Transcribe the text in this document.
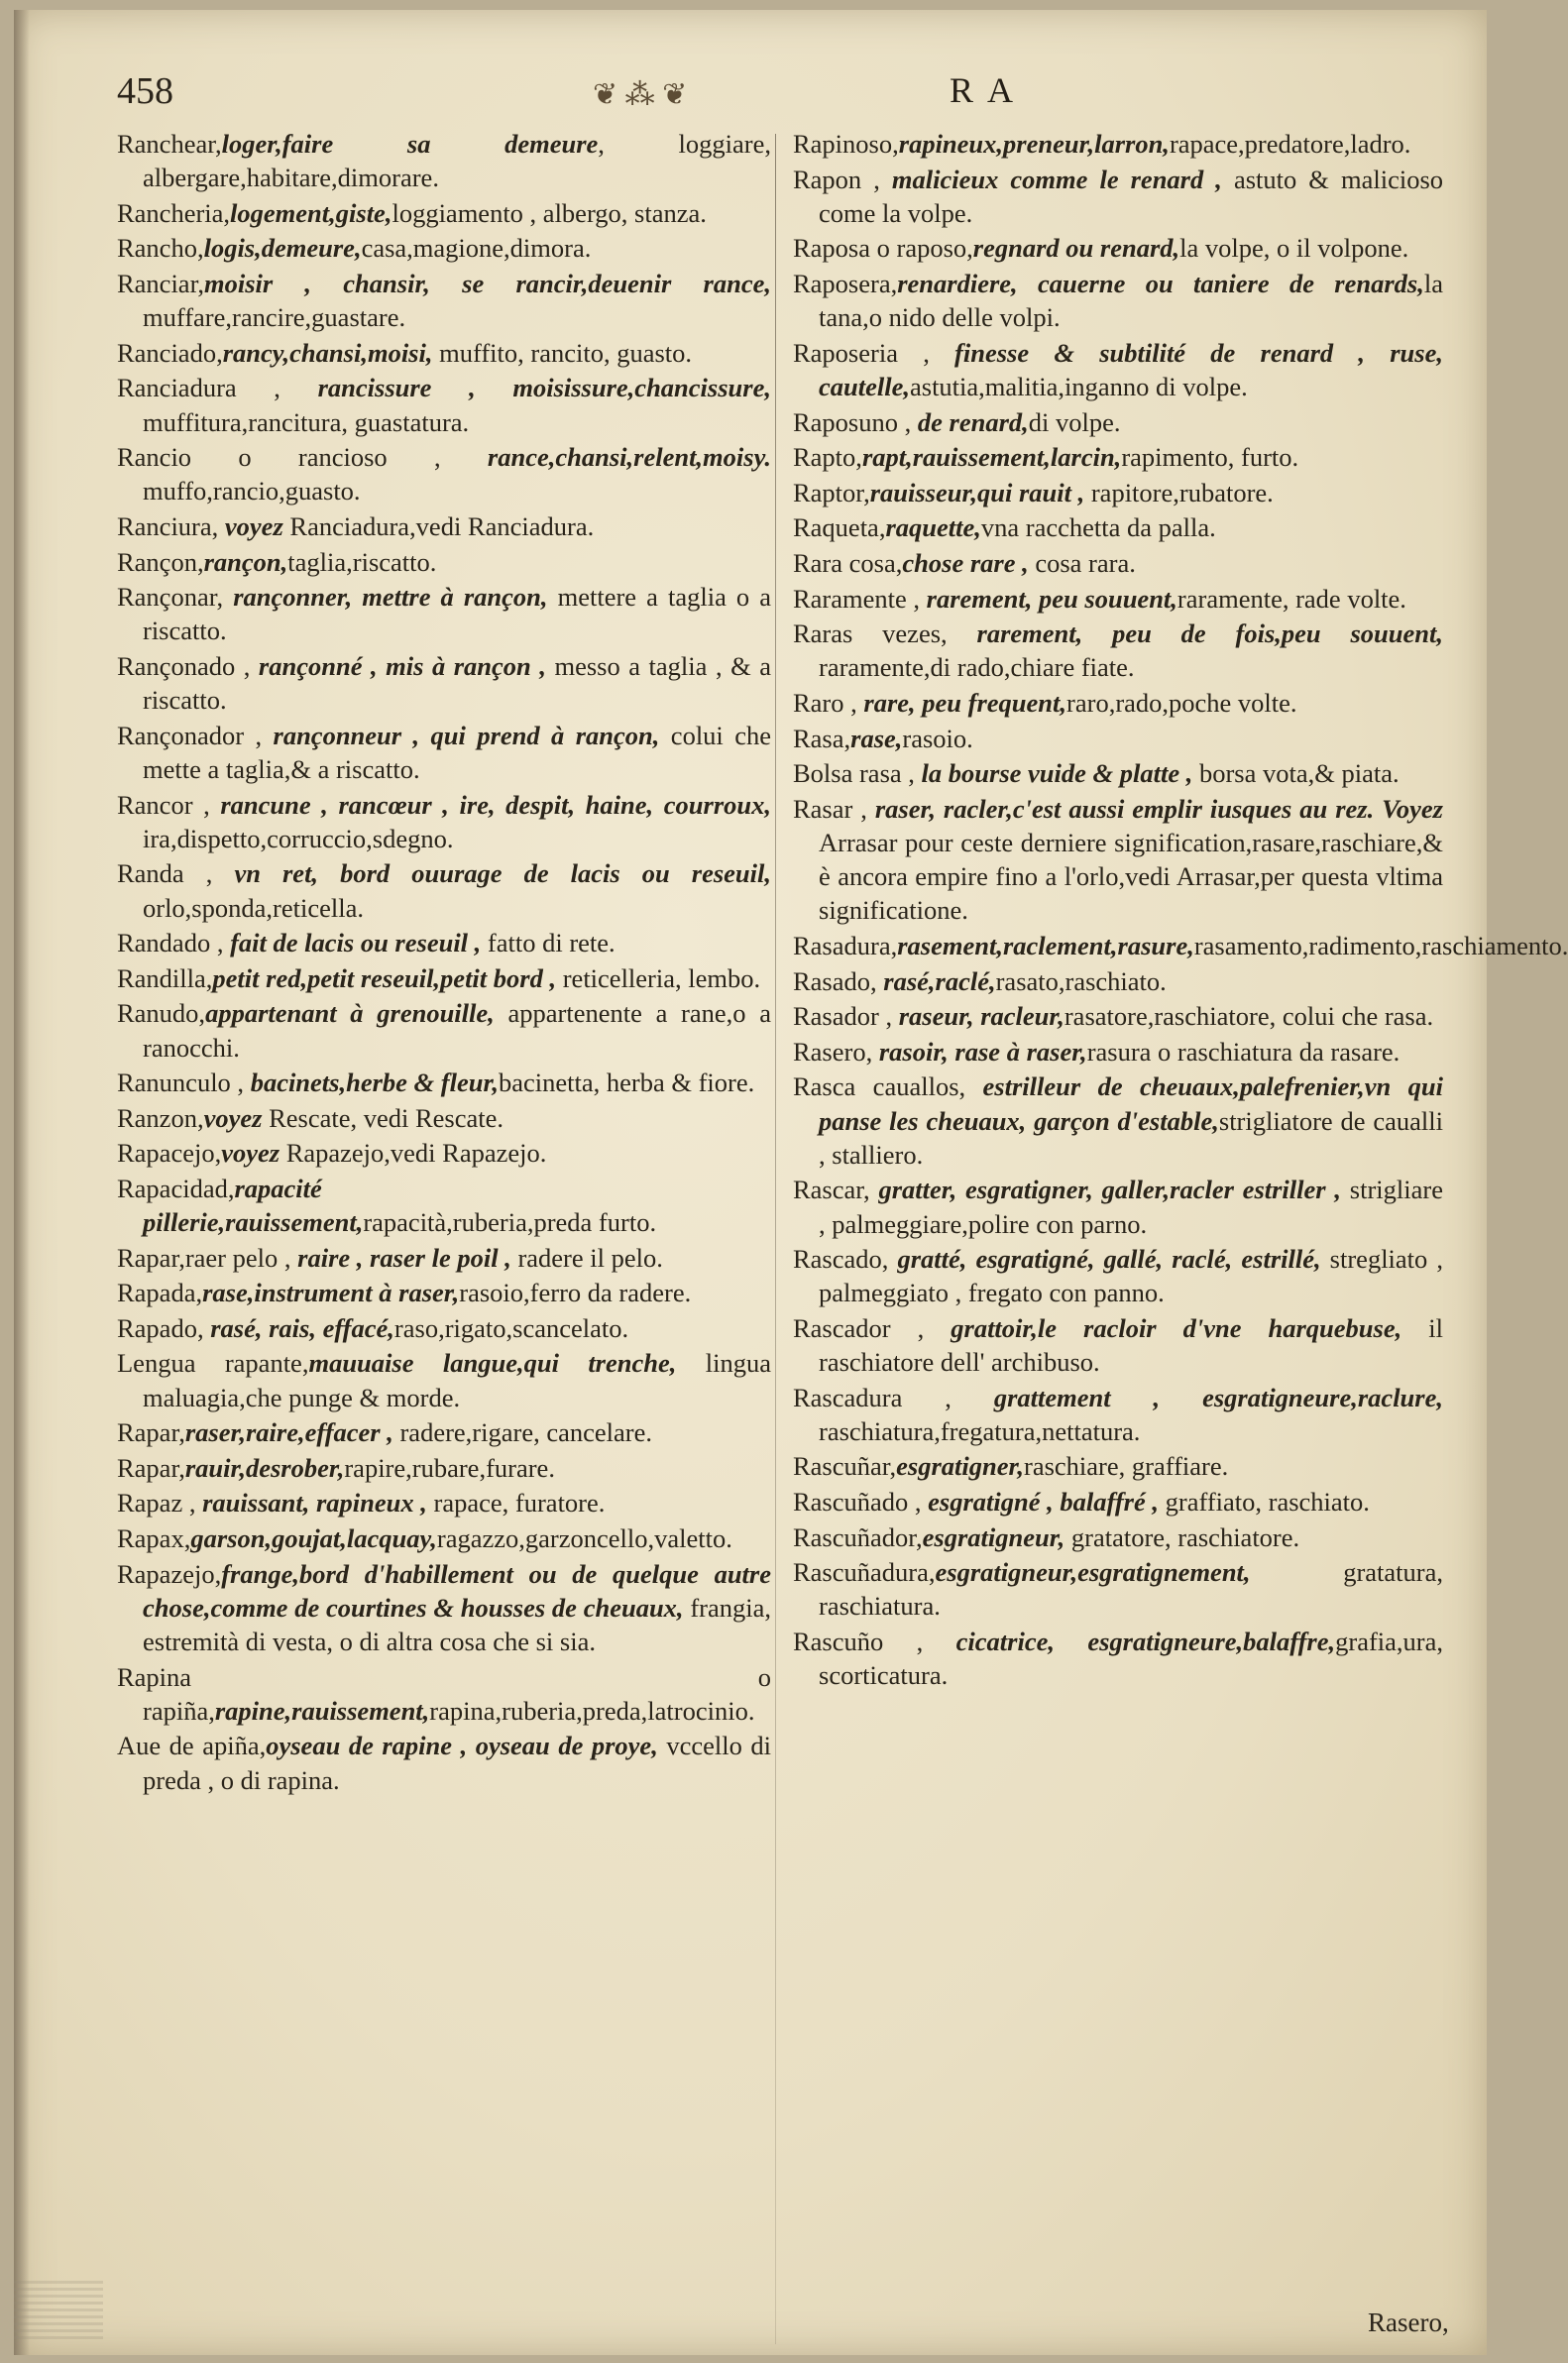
458	❦ ⁂ ❦	RA

Ranchear,loger,faire sa demeure, loggiare, albergare,habitare,dimorare.

Rancheria,logement,giste,loggiamento , albergo, stanza.

Rancho,logis,demeure,casa,magione,dimora.

Ranciar,moisir , chansir, se rancir,deuenir rance, muffare,rancire,guastare.

Ranciado,rancy,chansi,moisi, muffito, rancito, guasto.

Ranciadura , rancissure , moisissure,chancissure, muffitura,rancitura, guastatura.

Rancio o rancioso , rance,chansi,relent,moisy. muffo,rancio,guasto.

Ranciura, voyez Ranciadura,vedi Ranciadura.

Rançon,rançon,taglia,riscatto.

Rançonar, rançonner, mettre à rançon, mettere a taglia o a riscatto.

Rançonado , rançonné , mis à rançon , messo a taglia , & a riscatto.

Rançonador , rançonneur , qui prend à rançon, colui che mette a taglia,& a riscatto.

Rancor , rancune , rancœur , ire, despit, haine, courroux, ira,dispetto,corruccio,sdegno.

Randa , vn ret, bord ouurage de lacis ou reseuil, orlo,sponda,reticella.

Randado , fait de lacis ou reseuil , fatto di rete.

Randilla,petit red,petit reseuil,petit bord , reticelleria, lembo.

Ranudo,appartenant à grenouille, appartenente a rane,o a ranocchi.

Ranunculo , bacinets,herbe & fleur,bacinetta, herba & fiore.

Ranzon,voyez Rescate, vedi Rescate.

Rapacejo,voyez Rapazejo,vedi Rapazejo.

Rapacidad,rapacité pillerie,rauissement,rapacità,ruberia,preda furto.

Rapar,raer pelo , raire , raser le poil , radere il pelo.

Rapada,rase,instrument à raser,rasoio,ferro da radere.

Rapado, rasé, rais, effacé,raso,rigato,scancelato.

Lengua rapante,mauuaise langue,qui trenche, lingua maluagia,che punge & morde.

Rapar,raser,raire,effacer , radere,rigare, cancelare.

Rapar,rauir,desrober,rapire,rubare,furare.

Rapaz , rauissant, rapineux , rapace, furatore.

Rapax,garson,goujat,lacquay,ragazzo,garzoncello,valetto.

Rapazejo,frange,bord d'habillement ou de quelque autre chose,comme de courtines & housses de cheuaux, frangia, estremità di vesta, o di altra cosa che si sia.

Rapina o rapiña,rapine,rauissement,rapina,ruberia,preda,latrocinio.

Aue de apiña,oyseau de rapine , oyseau de proye, vccello di preda , o di rapina.

Rapinoso,rapineux,preneur,larron,rapace,predatore,ladro.

Rapon , malicieux comme le renard , astuto & malicioso come la volpe.

Raposa o raposo,regnard ou renard,la volpe, o il volpone.

Raposera,renardiere, cauerne ou taniere de renards,la tana,o nido delle volpi.

Raposeria , finesse & subtilité de renard , ruse, cautelle,astutia,malitia,inganno di volpe.

Raposuno , de renard,di volpe.

Rapto,rapt,rauissement,larcin,rapimento, furto.

Raptor,rauisseur,qui rauit , rapitore,rubatore.

Raqueta,raquette,vna racchetta da palla.

Rara cosa,chose rare , cosa rara.

Raramente , rarement, peu souuent,raramente, rade volte.

Raras vezes, rarement, peu de fois,peu souuent, raramente,di rado,chiare fiate.

Raro , rare, peu frequent,raro,rado,poche volte.

Rasa,rase,rasoio.

Bolsa rasa , la bourse vuide & platte , borsa vota,& piata.

Rasar , raser, racler,c'est aussi emplir iusques au rez. Voyez Arrasar pour ceste derniere signification,rasare,raschiare,& è ancora empire fino a l'orlo,vedi Arrasar,per questa vltima significatione.

Rasadura,rasement,raclement,rasure,rasamento,radimento,raschiamento.

Rasado, rasé,raclé,rasato,raschiato.

Rasador , raseur, racleur,rasatore,raschiatore, colui che rasa.

Rasero, rasoir, rase à raser,rasura o raschiatura da rasare.

Rasca cauallos, estrilleur de cheuaux,palefrenier,vn qui panse les cheuaux, garçon d'estable,strigliatore de caualli , stalliero.

Rascar, gratter, esgratigner, galler,racler estriller , strigliare , palmeggiare,polire con parno.

Rascado, gratté, esgratigné, gallé, raclé, estrillé, stregliato , palmeggiato , fregato con panno.

Rascador , grattoir,le racloir d'vne harquebuse, il raschiatore dell' archibuso.

Rascadura , grattement , esgratigneure,raclure, raschiatura,fregatura,nettatura.

Rascuñar,esgratigner,raschiare, graffiare.

Rascuñado , esgratigné , balaffré , graffiato, raschiato.

Rascuñador,esgratigneur, gratatore, raschiatore.

Rascuñadura,esgratigneur,esgratignement, gratatura, raschiatura.

Rascuño , cicatrice, esgratigneure,balaffre,grafia,ura, scorticatura.

Rasero,
